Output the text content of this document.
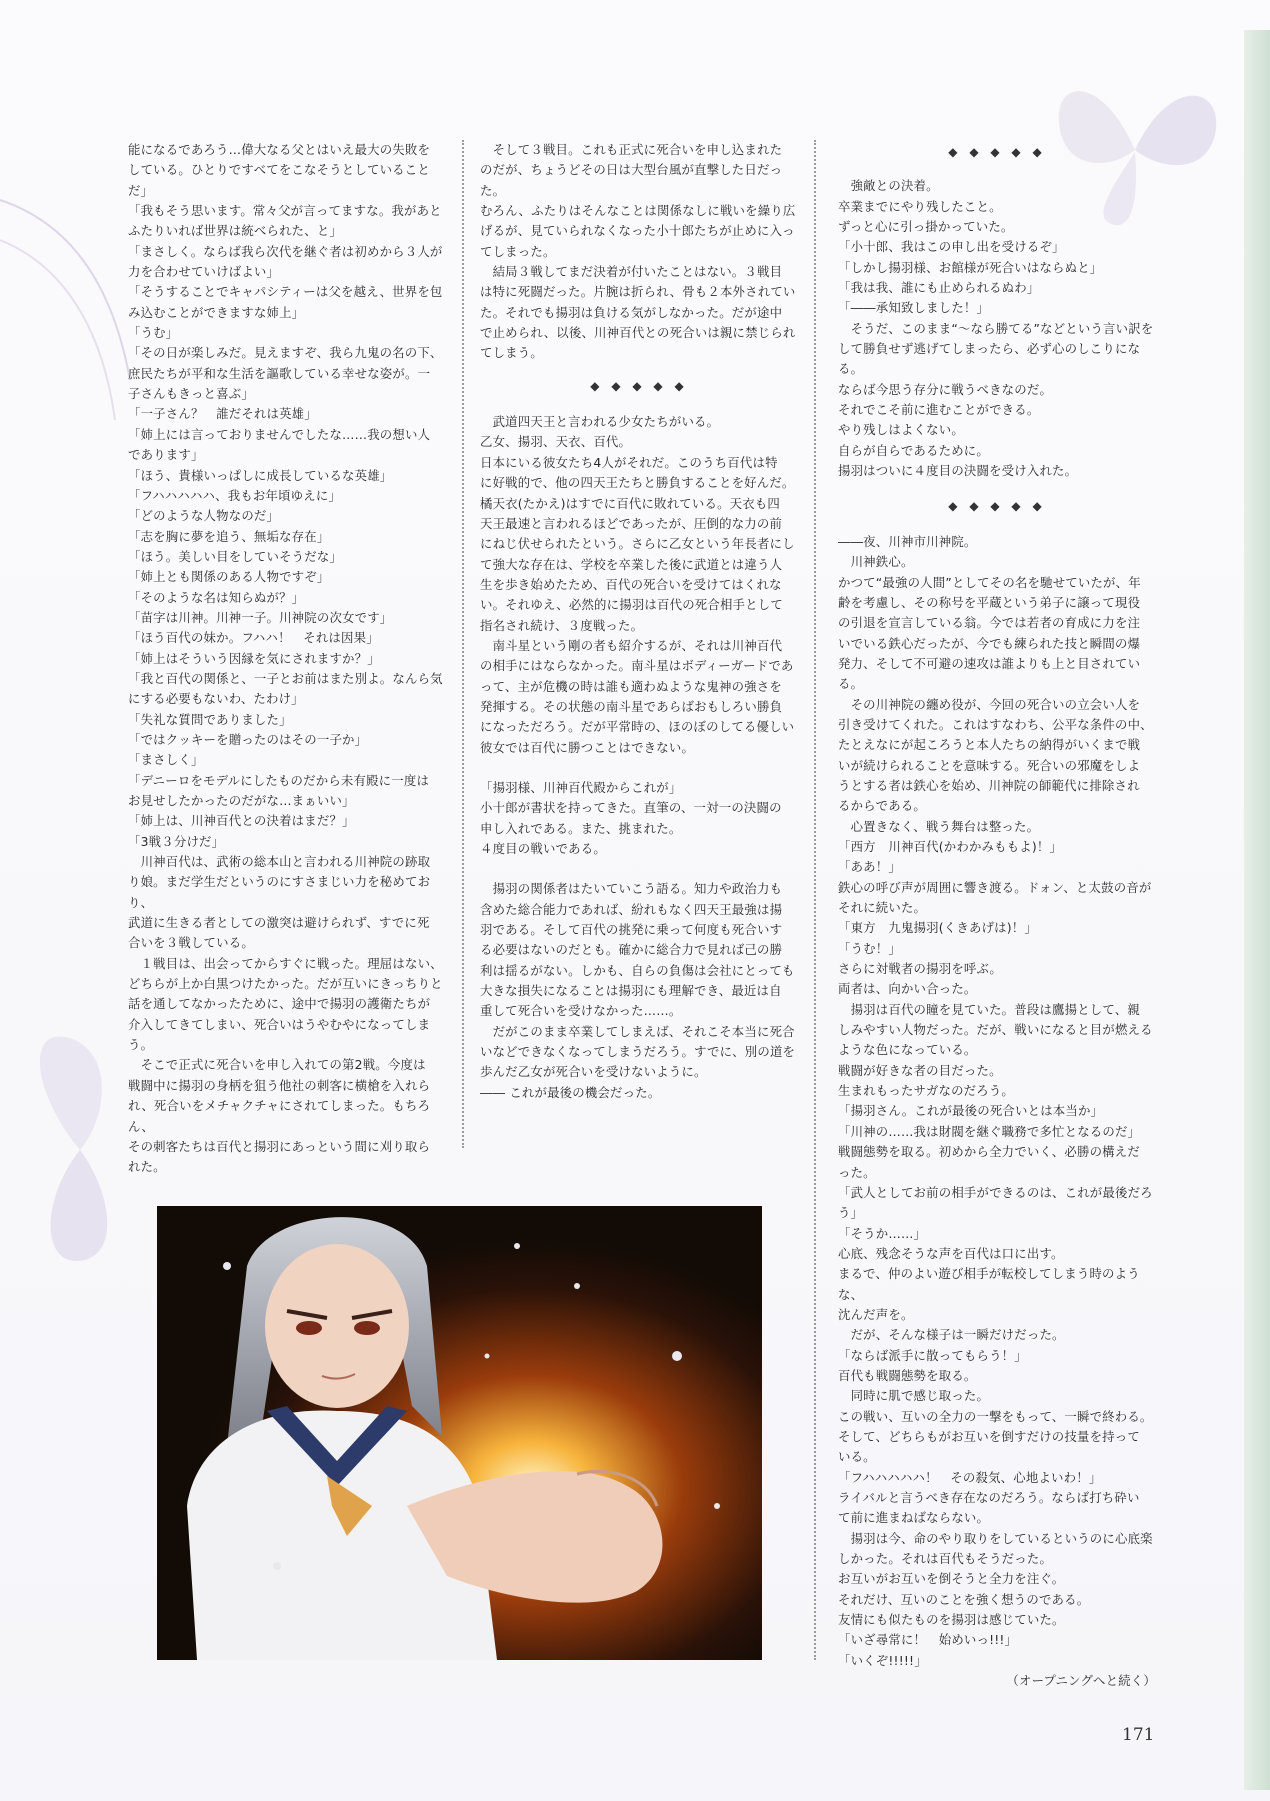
能になるであろう…偉大なる父とはいえ最大の失敗を

している。ひとりですべてをこなそうとしていることだ」

「我もそう思います。常々父が言ってますな。我があと

ふたりいれば世界は統べられた、と」

「まさしく。ならば我ら次代を継ぐ者は初めから３人が

力を合わせていけばよい」

「そうすることでキャパシティーは父を越え、世界を包

み込むことができますな姉上」

「うむ」

「その日が楽しみだ。見えますぞ、我ら九鬼の名の下、

庶民たちが平和な生活を謳歌している幸せな姿が。一

子さんもきっと喜ぶ」

「一子さん？　誰だそれは英雄」

「姉上には言っておりませんでしたな……我の想い人

であります」

「ほう、貴様いっぱしに成長しているな英雄」

「フハハハハハ、我もお年頃ゆえに」

「どのような人物なのだ」

「志を胸に夢を追う、無垢な存在」

「ほう。美しい目をしていそうだな」

「姉上とも関係のある人物ですぞ」

「そのような名は知らぬが？」

「苗字は川神。川神一子。川神院の次女です」

「ほう百代の妹か。フハハ！　それは因果」

「姉上はそういう因縁を気にされますか？」

「我と百代の関係と、一子とお前はまた別よ。なんら気

にする必要もないわ、たわけ」

「失礼な質問でありました」

「ではクッキーを贈ったのはその一子か」

「まさしく」

「デニーロをモデルにしたものだから未有殿に一度は

お見せしたかったのだがな…まぁいい」

「姉上は、川神百代との決着はまだ？」

「3戦３分けだ」

　川神百代は、武術の総本山と言われる川神院の跡取

り娘。まだ学生だというのにすさまじい力を秘めており、

武道に生きる者としての激突は避けられず、すでに死

合いを３戦している。

　１戦目は、出会ってからすぐに戦った。理屈はない、

どちらが上か白黒つけたかった。だが互いにきっちりと

話を通してなかったために、途中で揚羽の護衛たちが

介入してきてしまい、死合いはうやむやになってしまう。

　そこで正式に死合いを申し入れての第2戦。今度は

戦闘中に揚羽の身柄を狙う他社の刺客に横槍を入れら

れ、死合いをメチャクチャにされてしまった。もちろん、

その刺客たちは百代と揚羽にあっという間に刈り取ら

れた。

　そして３戦目。これも正式に死合いを申し込まれた

のだが、ちょうどその日は大型台風が直撃した日だった。

むろん、ふたりはそんなことは関係なしに戦いを繰り広

げるが、見ていられなくなった小十郎たちが止めに入っ

てしまった。

　結局３戦してまだ決着が付いたことはない。３戦目

は特に死闘だった。片腕は折られ、骨も２本外されてい

た。それでも揚羽は負ける気がしなかった。だが途中

で止められ、以後、川神百代との死合いは親に禁じられ

てしまう。

◆ ◆ ◆ ◆ ◆

　武道四天王と言われる少女たちがいる。

乙女、揚羽、天衣、百代。

日本にいる彼女たち4人がそれだ。このうち百代は特

に好戦的で、他の四天王たちと勝負することを好んだ。

橘天衣(たかえ)はすでに百代に敗れている。天衣も四

天王最速と言われるほどであったが、圧倒的な力の前

にねじ伏せられたという。さらに乙女という年長者にし

て強大な存在は、学校を卒業した後に武道とは違う人

生を歩き始めたため、百代の死合いを受けてはくれな

い。それゆえ、必然的に揚羽は百代の死合相手として

指名され続け、３度戦った。

　南斗星という剛の者も紹介するが、それは川神百代

の相手にはならなかった。南斗星はボディーガードであ

って、主が危機の時は誰も適わぬような鬼神の強さを

発揮する。その状態の南斗星であらばおもしろい勝負

になっただろう。だが平常時の、ほのぼのしてる優しい

彼女では百代に勝つことはできない。

「揚羽様、川神百代殿からこれが」

小十郎が書状を持ってきた。直筆の、一対一の決闘の

申し入れである。また、挑まれた。

４度目の戦いである。

　揚羽の関係者はたいていこう語る。知力や政治力も

含めた総合能力であれば、紛れもなく四天王最強は揚

羽である。そして百代の挑発に乗って何度も死合いす

る必要はないのだとも。確かに総合力で見れば己の勝

利は揺るがない。しかも、自らの負傷は会社にとっても

大きな損失になることは揚羽にも理解でき、最近は自

重して死合いを受けなかった……。

　だがこのまま卒業してしまえば、それこそ本当に死合

いなどできなくなってしまうだろう。すでに、別の道を

歩んだ乙女が死合いを受けないように。

―― これが最後の機会だった。

◆ ◆ ◆ ◆ ◆

　強敵との決着。

卒業までにやり残したこと。

ずっと心に引っ掛かっていた。

「小十郎、我はこの申し出を受けるぞ」

「しかし揚羽様、お館様が死合いはならぬと」

「我は我、誰にも止められるぬわ」

「――承知致しました！」

　そうだ、このまま“～なら勝てる”などという言い訳を

して勝負せず逃げてしまったら、必ず心のしこりになる。

ならば今思う存分に戦うべきなのだ。

それでこそ前に進むことができる。

やり残しはよくない。

自らが自らであるために。

揚羽はついに４度目の決闘を受け入れた。

◆ ◆ ◆ ◆ ◆

――夜、川神市川神院。

　川神鉄心。

かつて“最強の人間”としてその名を馳せていたが、年

齢を考慮し、その称号を平蔵という弟子に譲って現役

の引退を宣言している翁。今では若者の育成に力を注

いでいる鉄心だったが、今でも練られた技と瞬間の爆

発力、そして不可避の速攻は誰よりも上と目されてい

る。

　その川神院の纏め役が、今回の死合いの立会い人を

引き受けてくれた。これはすなわち、公平な条件の中、

たとえなにが起ころうと本人たちの納得がいくまで戦

いが続けられることを意味する。死合いの邪魔をしよ

うとする者は鉄心を始め、川神院の師範代に排除され

るからである。

　心置きなく、戦う舞台は整った。

「西方　川神百代(かわかみももよ)！」

「ああ！」

鉄心の呼び声が周囲に響き渡る。ドォン、と太鼓の音が

それに続いた。

「東方　九鬼揚羽(くきあげは)！」

「うむ！」

さらに対戦者の揚羽を呼ぶ。

両者は、向かい合った。

　揚羽は百代の瞳を見ていた。普段は鷹揚として、親

しみやすい人物だった。だが、戦いになると目が燃える

ような色になっている。

戦闘が好きな者の目だった。

生まれもったサガなのだろう。

「揚羽さん。これが最後の死合いとは本当か」

「川神の……我は財閥を継ぐ職務で多忙となるのだ」

戦闘態勢を取る。初めから全力でいく、必勝の構えだ

った。

「武人としてお前の相手ができるのは、これが最後だろう」

「そうか……」

心底、残念そうな声を百代は口に出す。

まるで、仲のよい遊び相手が転校してしまう時のような、

沈んだ声を。

　だが、そんな様子は一瞬だけだった。

「ならば派手に散ってもらう！」

百代も戦闘態勢を取る。

　同時に肌で感じ取った。

この戦い、互いの全力の一撃をもって、一瞬で終わる。

そして、どちらもがお互いを倒すだけの技量を持って

いる。

「フハハハハハ！　その殺気、心地よいわ！」

ライバルと言うべき存在なのだろう。ならば打ち砕い

て前に進まねばならない。

　揚羽は今、命のやり取りをしているというのに心底楽

しかった。それは百代もそうだった。

お互いがお互いを倒そうと全力を注ぐ。

それだけ、互いのことを強く想うのである。

友情にも似たものを揚羽は感じていた。

「いざ尋常に！　始めいっ!!!」

「いくぞ!!!!!」

（オープニングへと続く）

171
